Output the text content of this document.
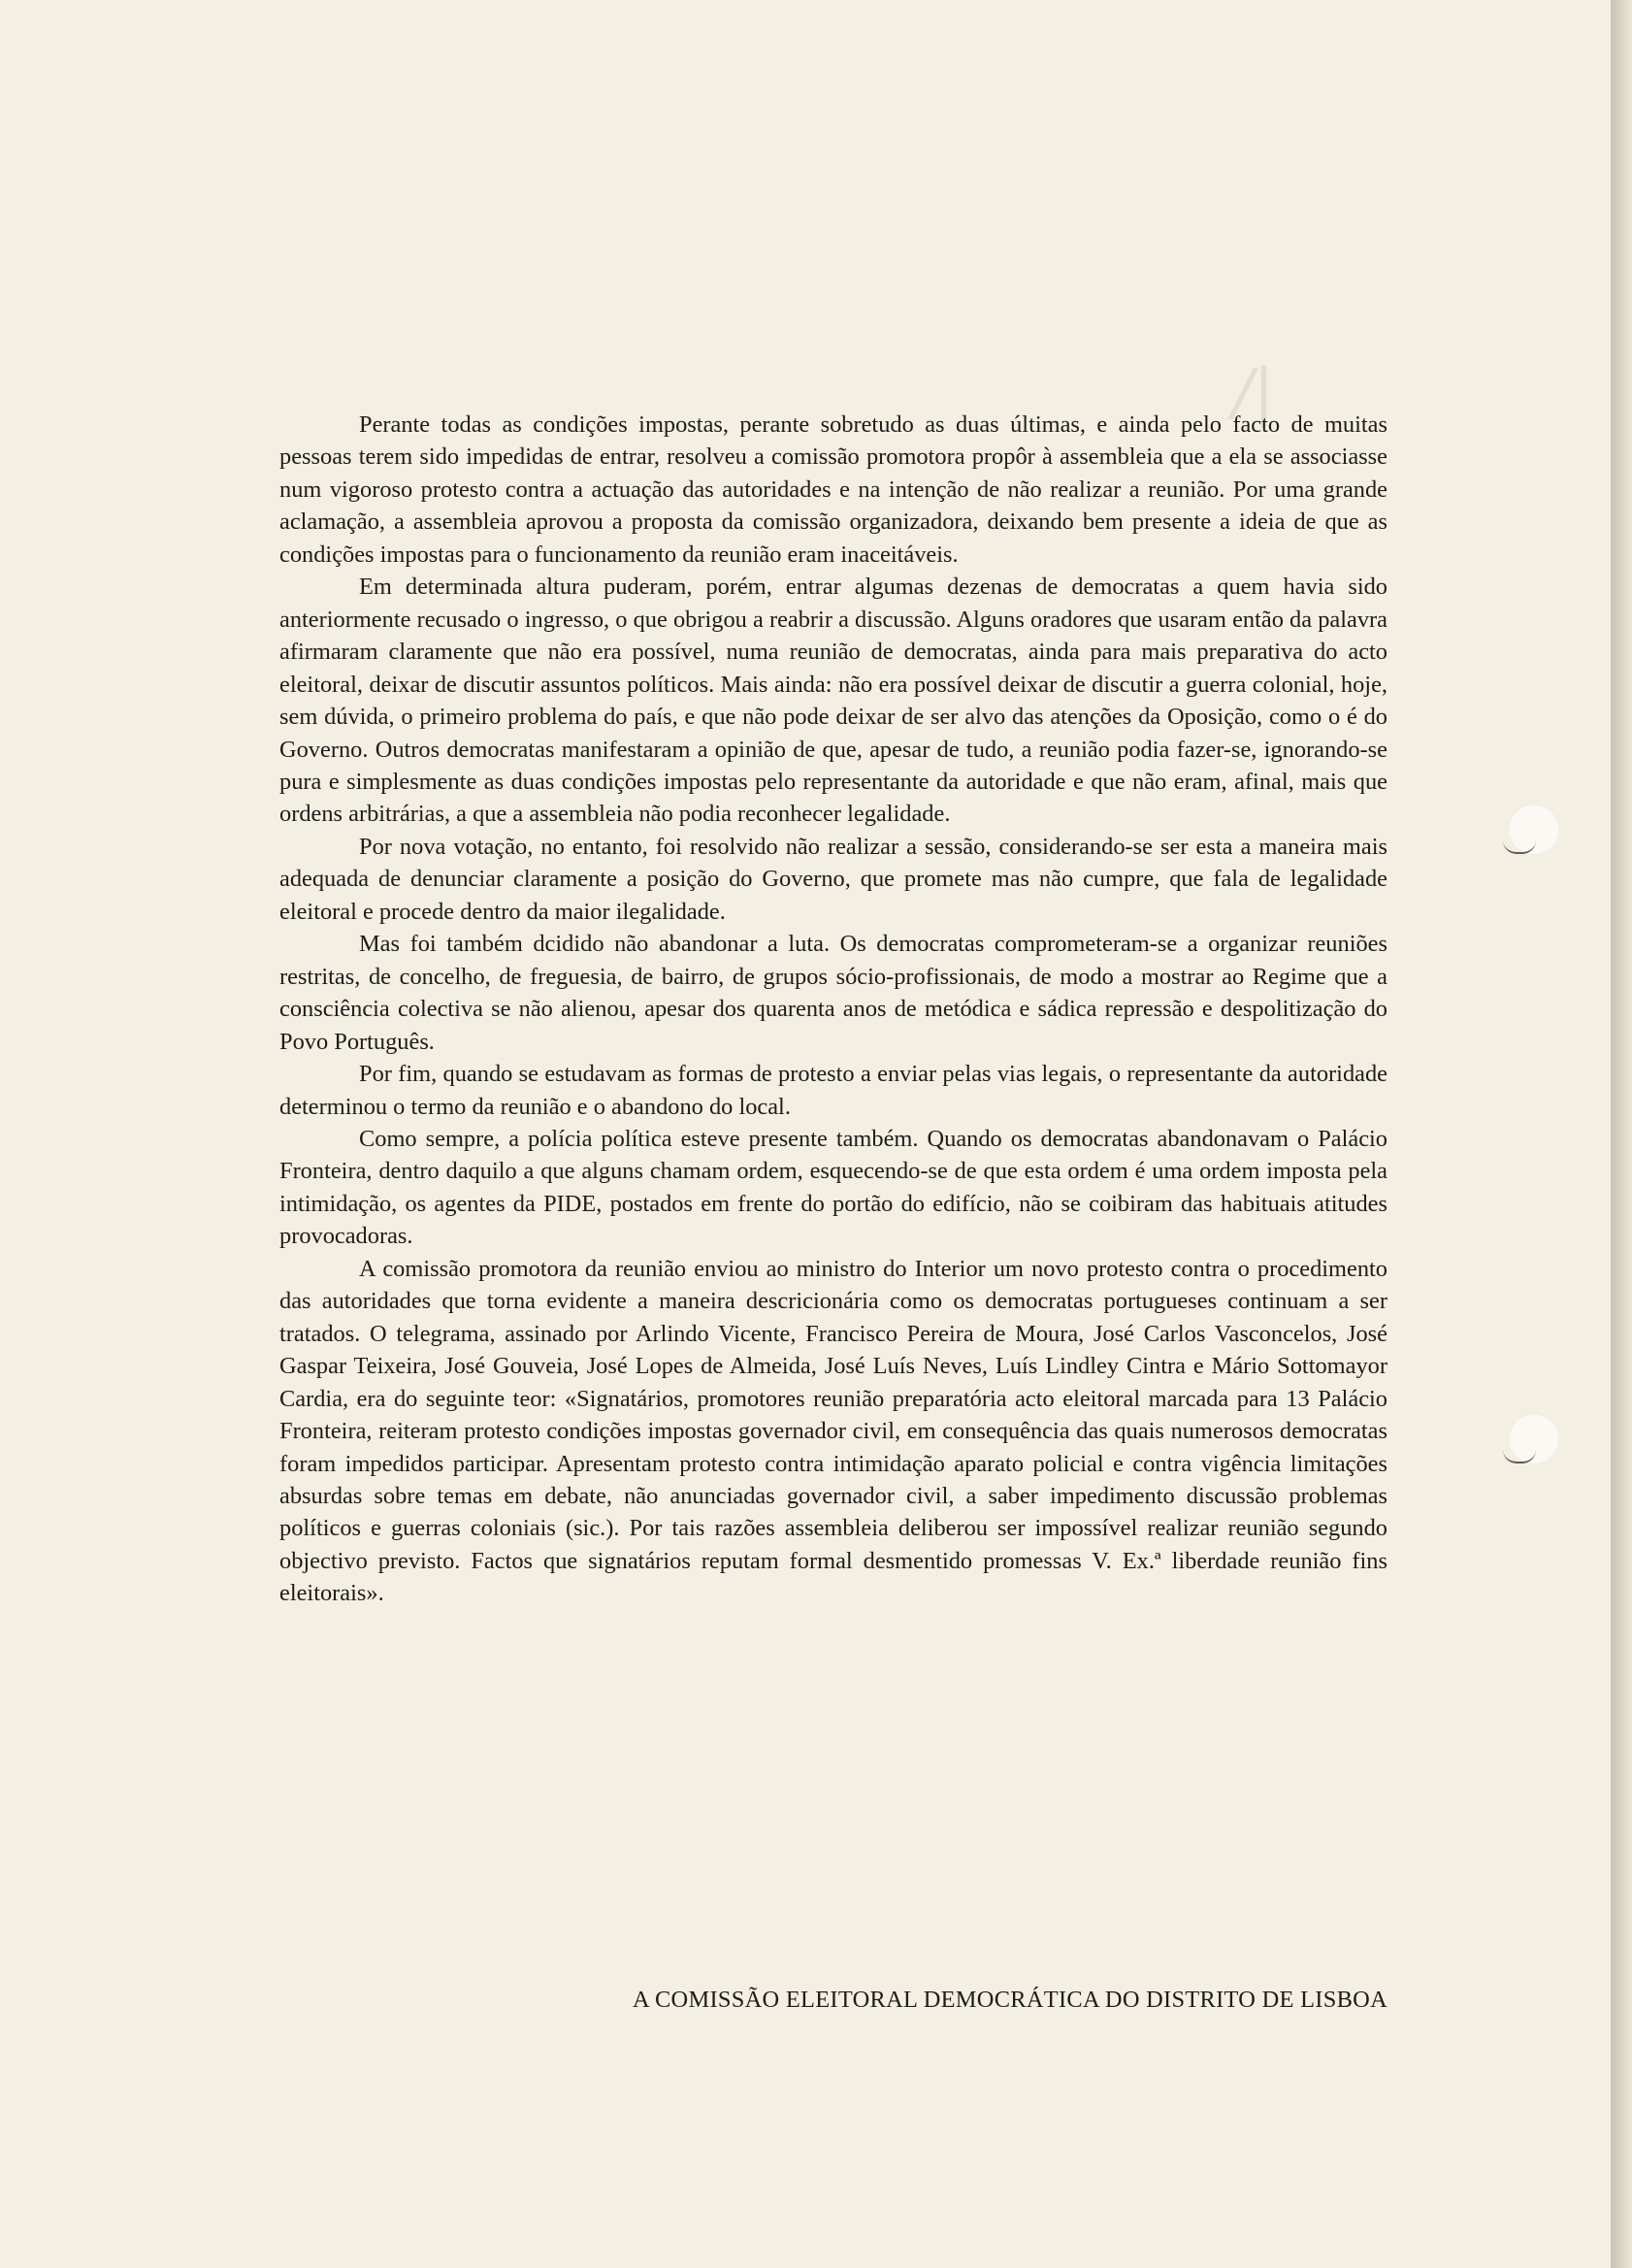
/|

Perante todas as condições impostas, perante sobretudo as duas últimas, e ainda pelo facto de muitas pessoas terem sido impedidas de entrar, resolveu a comissão promotora propôr à assembleia que a ela se associasse num vigoroso protesto contra a actuação das autoridades e na intenção de não realizar a reunião. Por uma grande aclamação, a assembleia aprovou a proposta da comissão organizadora, deixando bem presente a ideia de que as condições impostas para o funcionamento da reunião eram inaceitáveis.

Em determinada altura puderam, porém, entrar algumas dezenas de democratas a quem havia sido anteriormente recusado o ingresso, o que obrigou a reabrir a discussão. Alguns oradores que usaram então da palavra afirmaram claramente que não era possível, numa reunião de democratas, ainda para mais preparativa do acto eleitoral, deixar de discutir assuntos políticos. Mais ainda: não era possível deixar de discutir a guerra colonial, hoje, sem dúvida, o primeiro problema do país, e que não pode deixar de ser alvo das atenções da Oposição, como o é do Governo. Outros democratas manifestaram a opinião de que, apesar de tudo, a reunião podia fazer-se, ignorando-se pura e simplesmente as duas condições impostas pelo representante da autoridade e que não eram, afinal, mais que ordens arbitrárias, a que a assembleia não podia reconhecer legalidade.

Por nova votação, no entanto, foi resolvido não realizar a sessão, considerando-se ser esta a maneira mais adequada de denunciar claramente a posição do Governo, que promete mas não cumpre, que fala de legalidade eleitoral e procede dentro da maior ilegalidade.

Mas foi também dcidido não abandonar a luta. Os democratas comprometeram-se a organizar reuniões restritas, de concelho, de freguesia, de bairro, de grupos sócio-profissionais, de modo a mostrar ao Regime que a consciência colectiva se não alienou, apesar dos quarenta anos de metódica e sádica repressão e despolitização do Povo Português.

Por fim, quando se estudavam as formas de protesto a enviar pelas vias legais, o representante da autoridade determinou o termo da reunião e o abandono do local.

Como sempre, a polícia política esteve presente também. Quando os democratas abandonavam o Palácio Fronteira, dentro daquilo a que alguns chamam ordem, esquecendo-se de que esta ordem é uma ordem imposta pela intimidação, os agentes da PIDE, postados em frente do portão do edifício, não se coibiram das habituais atitudes provocadoras.

A comissão promotora da reunião enviou ao ministro do Interior um novo protesto contra o procedimento das autoridades que torna evidente a maneira descricionária como os democratas portugueses continuam a ser tratados. O telegrama, assinado por Arlindo Vicente, Francisco Pereira de Moura, José Carlos Vasconcelos, José Gaspar Teixeira, José Gouveia, José Lopes de Almeida, José Luís Neves, Luís Lindley Cintra e Mário Sottomayor Cardia, era do seguinte teor: «Signatários, promotores reunião preparatória acto eleitoral marcada para 13 Palácio Fronteira, reiteram protesto condições impostas governador civil, em consequência das quais numerosos democratas foram impedidos participar. Apresentam protesto contra intimidação aparato policial e contra vigência limitações absurdas sobre temas em debate, não anunciadas governador civil, a saber impedimento discussão problemas políticos e guerras coloniais (sic.). Por tais razões assembleia deliberou ser impossível realizar reunião segundo objectivo previsto. Factos que signatários reputam formal desmentido promessas V. Ex.ª liberdade reunião fins eleitorais».

A COMISSÃO ELEITORAL DEMOCRÁTICA DO DISTRITO DE LISBOA
